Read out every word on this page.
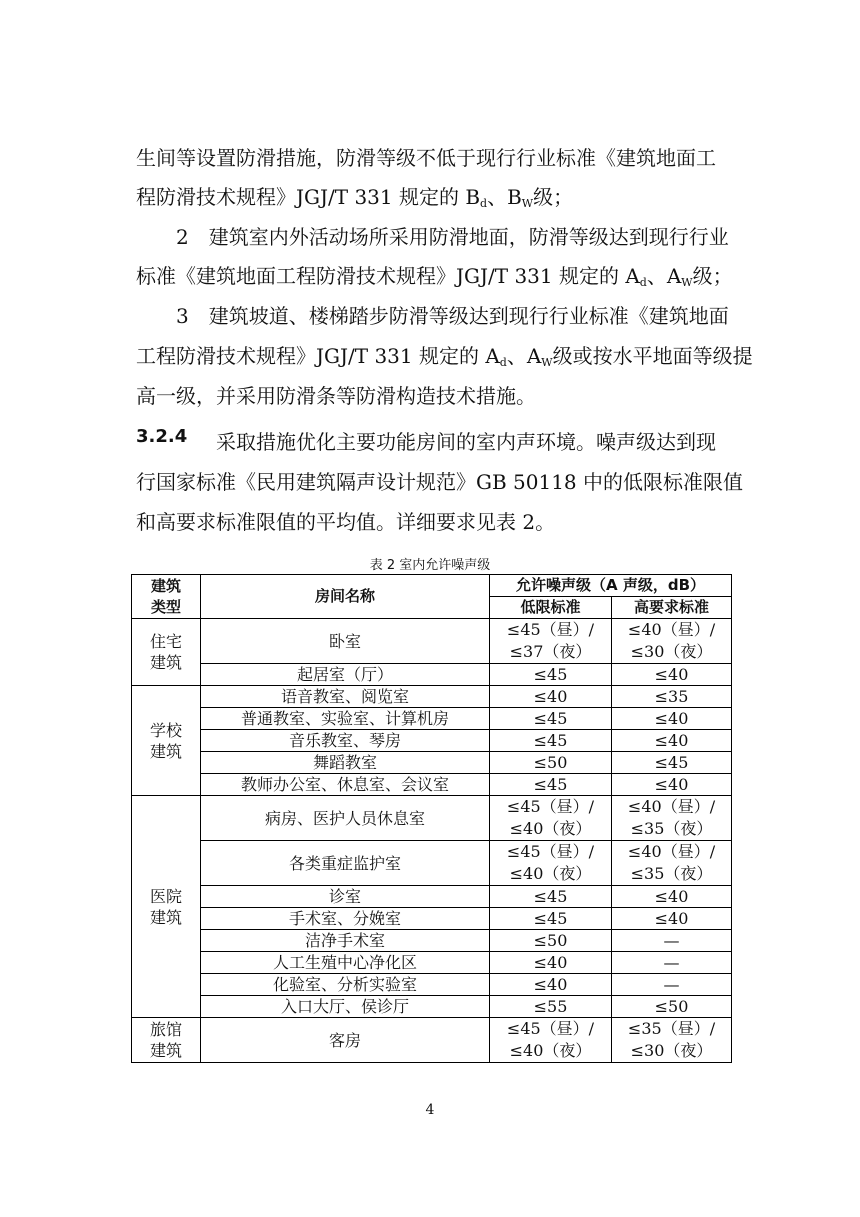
生间等设置防滑措施，防滑等级不低于现行行业标准《建筑地面工
程防滑技术规程》JGJ/T 331 规定的 $B_d$、$B_W$级；
2　建筑室内外活动场所采用防滑地面，防滑等级达到现行行业
标准《建筑地面工程防滑技术规程》JGJ/T 331 规定的 $A_d$、$A_W$级；
3　建筑坡道、楼梯踏步防滑等级达到现行行业标准《建筑地面
工程防滑技术规程》JGJ/T 331 规定的 $A_d$、$A_W$级或按水平地面等级提
高一级，并采用防滑条等防滑构造技术措施。
3.2.4 采取措施优化主要功能房间的室内声环境。噪声级达到现
行国家标准《民用建筑隔声设计规范》GB 50118 中的低限标准限值
和高要求标准限值的平均值。详细要求见表 2。
表 2 室内允许噪声级
建筑类型	房间名称	允许噪声级（A 声级，dB）	
		低限标准	高要求标准
住宅建筑	卧室	≤45（昼）/≤37（夜）	≤40（昼）/≤30（夜）
	起居室（厅）	≤45	≤40
学校建筑	语音教室、阅览室	≤40	≤35
	普通教室、实验室、计算机房	≤45	≤40
	音乐教室、琴房	≤45	≤40
	舞蹈教室	≤50	≤45
	教师办公室、休息室、会议室	≤45	≤40
医院建筑	病房、医护人员休息室	≤45（昼）/≤40（夜）	≤40（昼）/≤35（夜）
	各类重症监护室	≤45（昼）/≤40（夜）	≤40（昼）/≤35（夜）
	诊室	≤45	≤40
	手术室、分娩室	≤45	≤40
	洁净手术室	≤50	—
	人工生殖中心净化区	≤40	—
	化验室、分析实验室	≤40	—
	入口大厅、侯诊厅	≤55	≤50
旅馆建筑	客房	≤45（昼）/≤40（夜）	≤35（昼）/≤30（夜）
4
